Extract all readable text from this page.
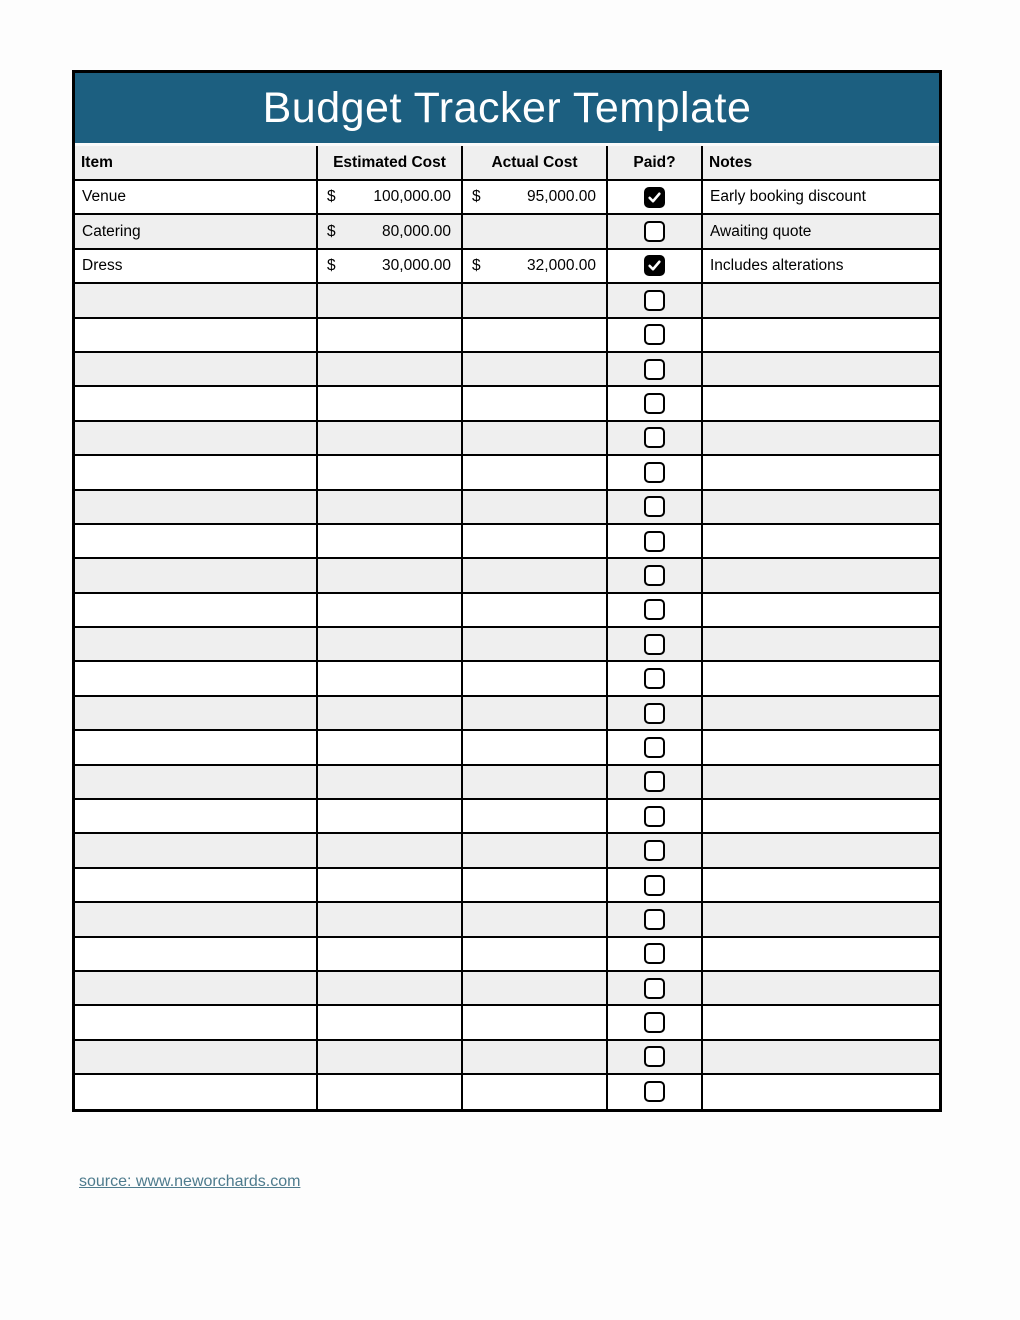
Budget Tracker Template
Item	Estimated Cost	Actual Cost	Paid?	Notes
Venue	$ 100,000.00	$ 95,000.00		Early booking discount
Catering	$ 80,000.00			Awaiting quote
Dress	$ 30,000.00	$ 32,000.00		Includes alterations

source: www.neworchards.com
